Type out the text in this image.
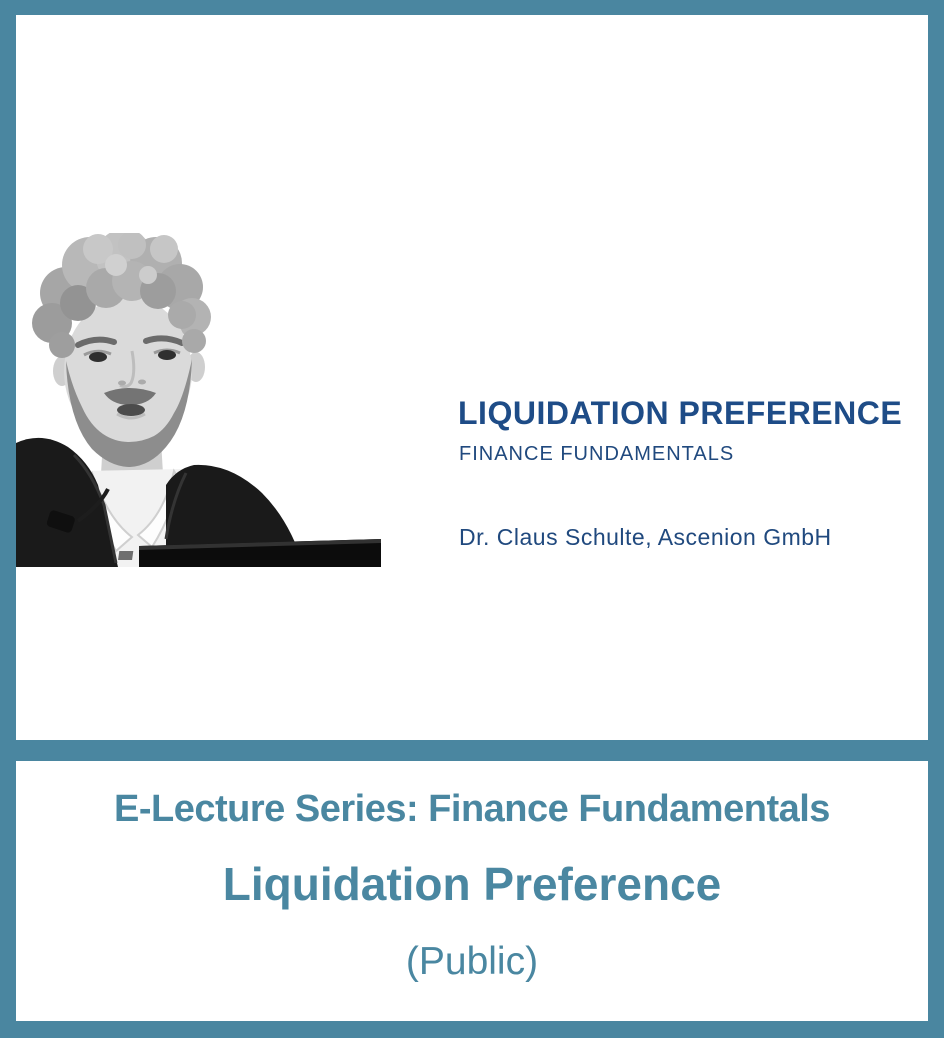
LIQUIDATION PREFERENCE
FINANCE FUNDAMENTALS
Dr. Claus Schulte, Ascenion GmbH
E-Lecture Series: Finance Fundamentals
Liquidation Preference
(Public)
